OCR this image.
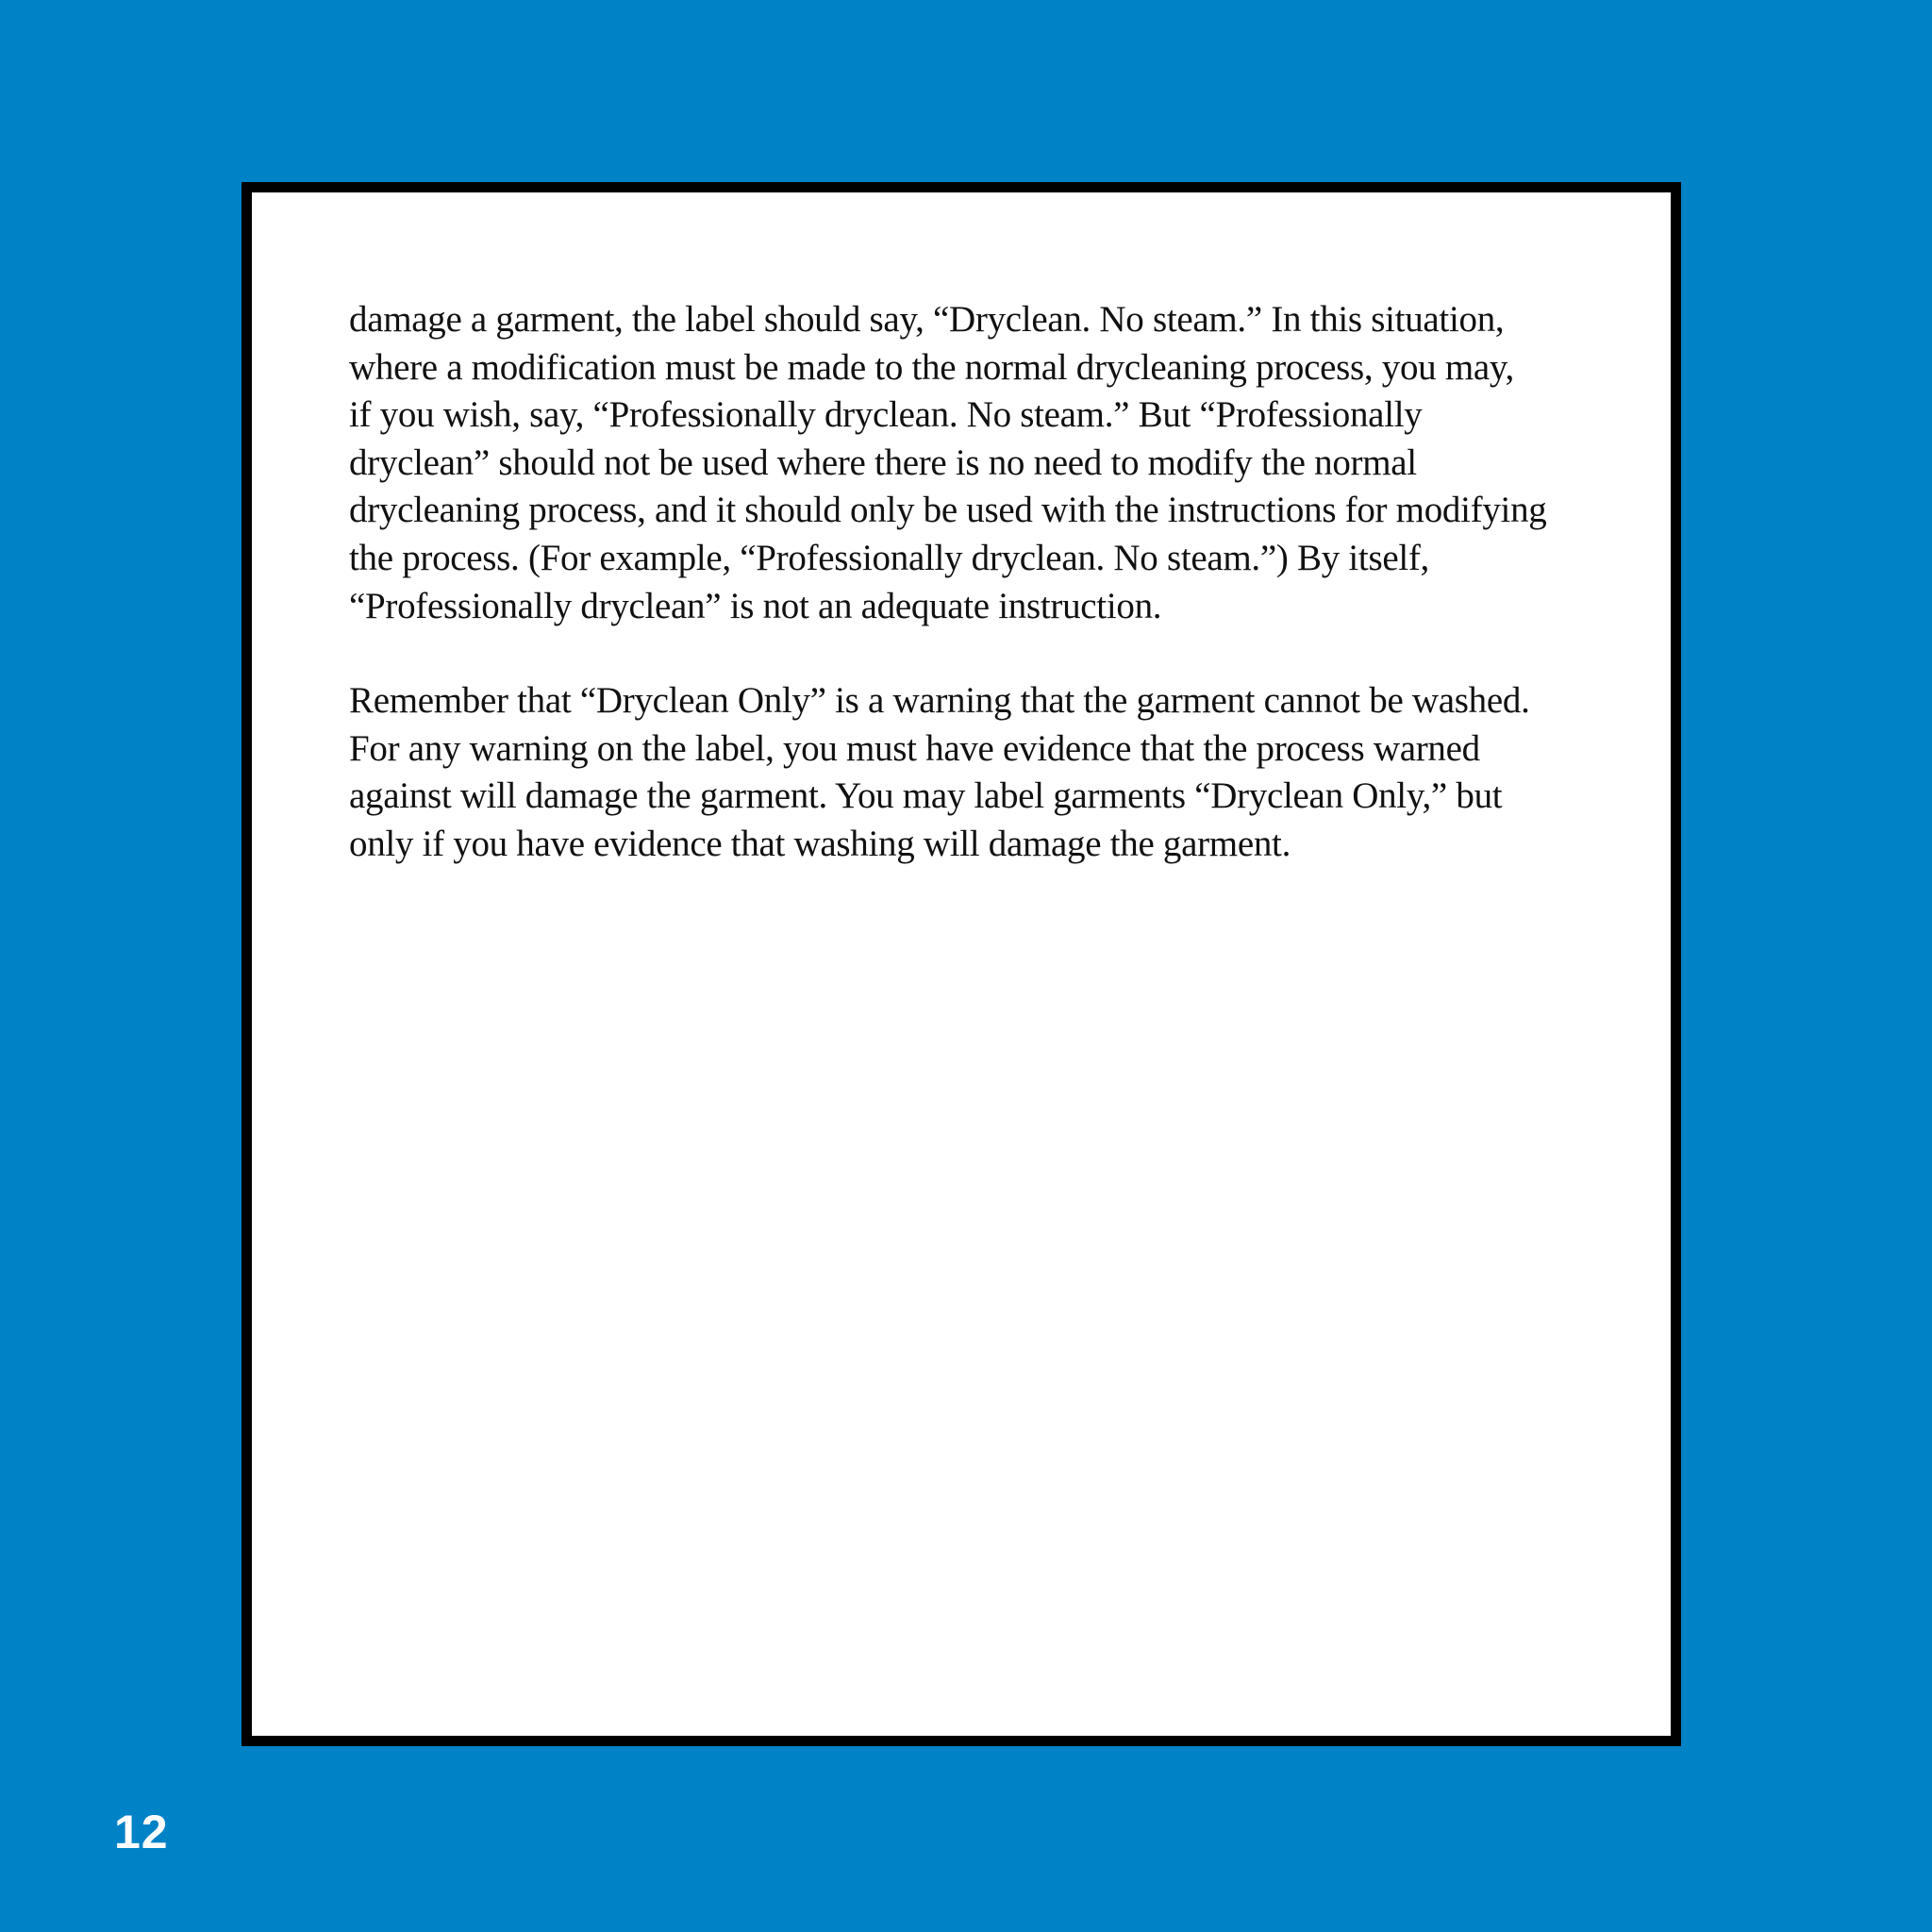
damage a garment, the label should say, “Dryclean. No steam.” In this situation,
where a modification must be made to the normal drycleaning process, you may,
if you wish, say, “Professionally dryclean. No steam.” But “Professionally
dryclean” should not be used where there is no need to modify the normal
drycleaning process, and it should only be used with the instructions for modifying
the process. (For example, “Professionally dryclean. No steam.”) By itself,
“Professionally dryclean” is not an adequate instruction.

Remember that “Dryclean Only” is a warning that the garment cannot be washed.
For any warning on the label, you must have evidence that the process warned
against will damage the garment. You may label garments “Dryclean Only,” but
only if you have evidence that washing will damage the garment.

12
